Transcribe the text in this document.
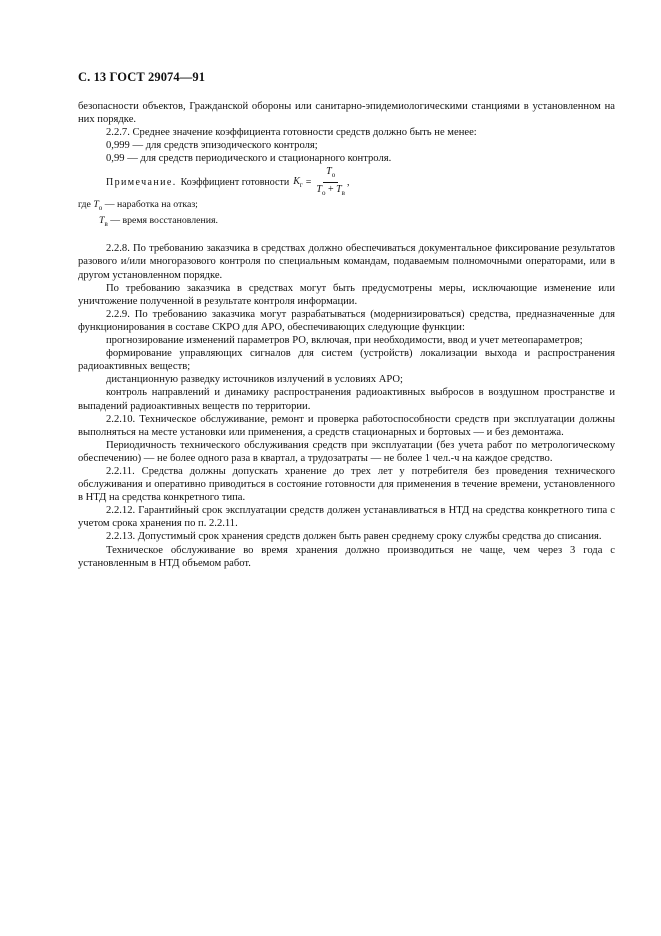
С. 13 ГОСТ 29074—91

безопасности объектов, Гражданской обороны или санитарно-эпидемиологическими станциями в установленном на них порядке.

2.2.7. Среднее значение коэффициента готовности средств должно быть не менее:

0,999 — для средств эпизодического контроля;

0,99 — для средств периодического и стационарного контроля.

Примечание. Коэффициент готовности $K_г = \frac{T_о}{T_о + T_в}$ ,

где $T_о$ — наработка на отказ;

$T_в$ — время восстановления.

2.2.8. По требованию заказчика в средствах должно обеспечиваться документальное фиксирование результатов разового и/или многоразового контроля по специальным командам, подаваемым полномочными операторами, или в другом установленном порядке.

По требованию заказчика в средствах могут быть предусмотрены меры, исключающие изменение или уничтожение полученной в результате контроля информации.

2.2.9. По требованию заказчика могут разрабатываться (модернизироваться) средства, предназначенные для функционирования в составе СКРО для АРО, обеспечивающих следующие функции:

прогнозирование изменений параметров РО, включая, при необходимости, ввод и учет метеопараметров;

формирование управляющих сигналов для систем (устройств) локализации выхода и распространения радиоактивных веществ;

дистанционную разведку источников излучений в условиях АРО;

контроль направлений и динамику распространения радиоактивных выбросов в воздушном пространстве и выпадений радиоактивных веществ по территории.

2.2.10. Техническое обслуживание, ремонт и проверка работоспособности средств при эксплуатации должны выполняться на месте установки или применения, а средств стационарных и бортовых — и без демонтажа.

Периодичность технического обслуживания средств при эксплуатации (без учета работ по метрологическому обеспечению) — не более одного раза в квартал, а трудозатраты — не более 1 чел.-ч на каждое средство.

2.2.11. Средства должны допускать хранение до трех лет у потребителя без проведения технического обслуживания и оперативно приводиться в состояние готовности для применения в течение времени, установленного в НТД на средства конкретного типа.

2.2.12. Гарантийный срок эксплуатации средств должен устанавливаться в НТД на средства конкретного типа с учетом срока хранения по п. 2.2.11.

2.2.13. Допустимый срок хранения средств должен быть равен среднему сроку службы средства до списания.

Техническое обслуживание во время хранения должно производиться не чаще, чем через 3 года с установленным в НТД объемом работ.
